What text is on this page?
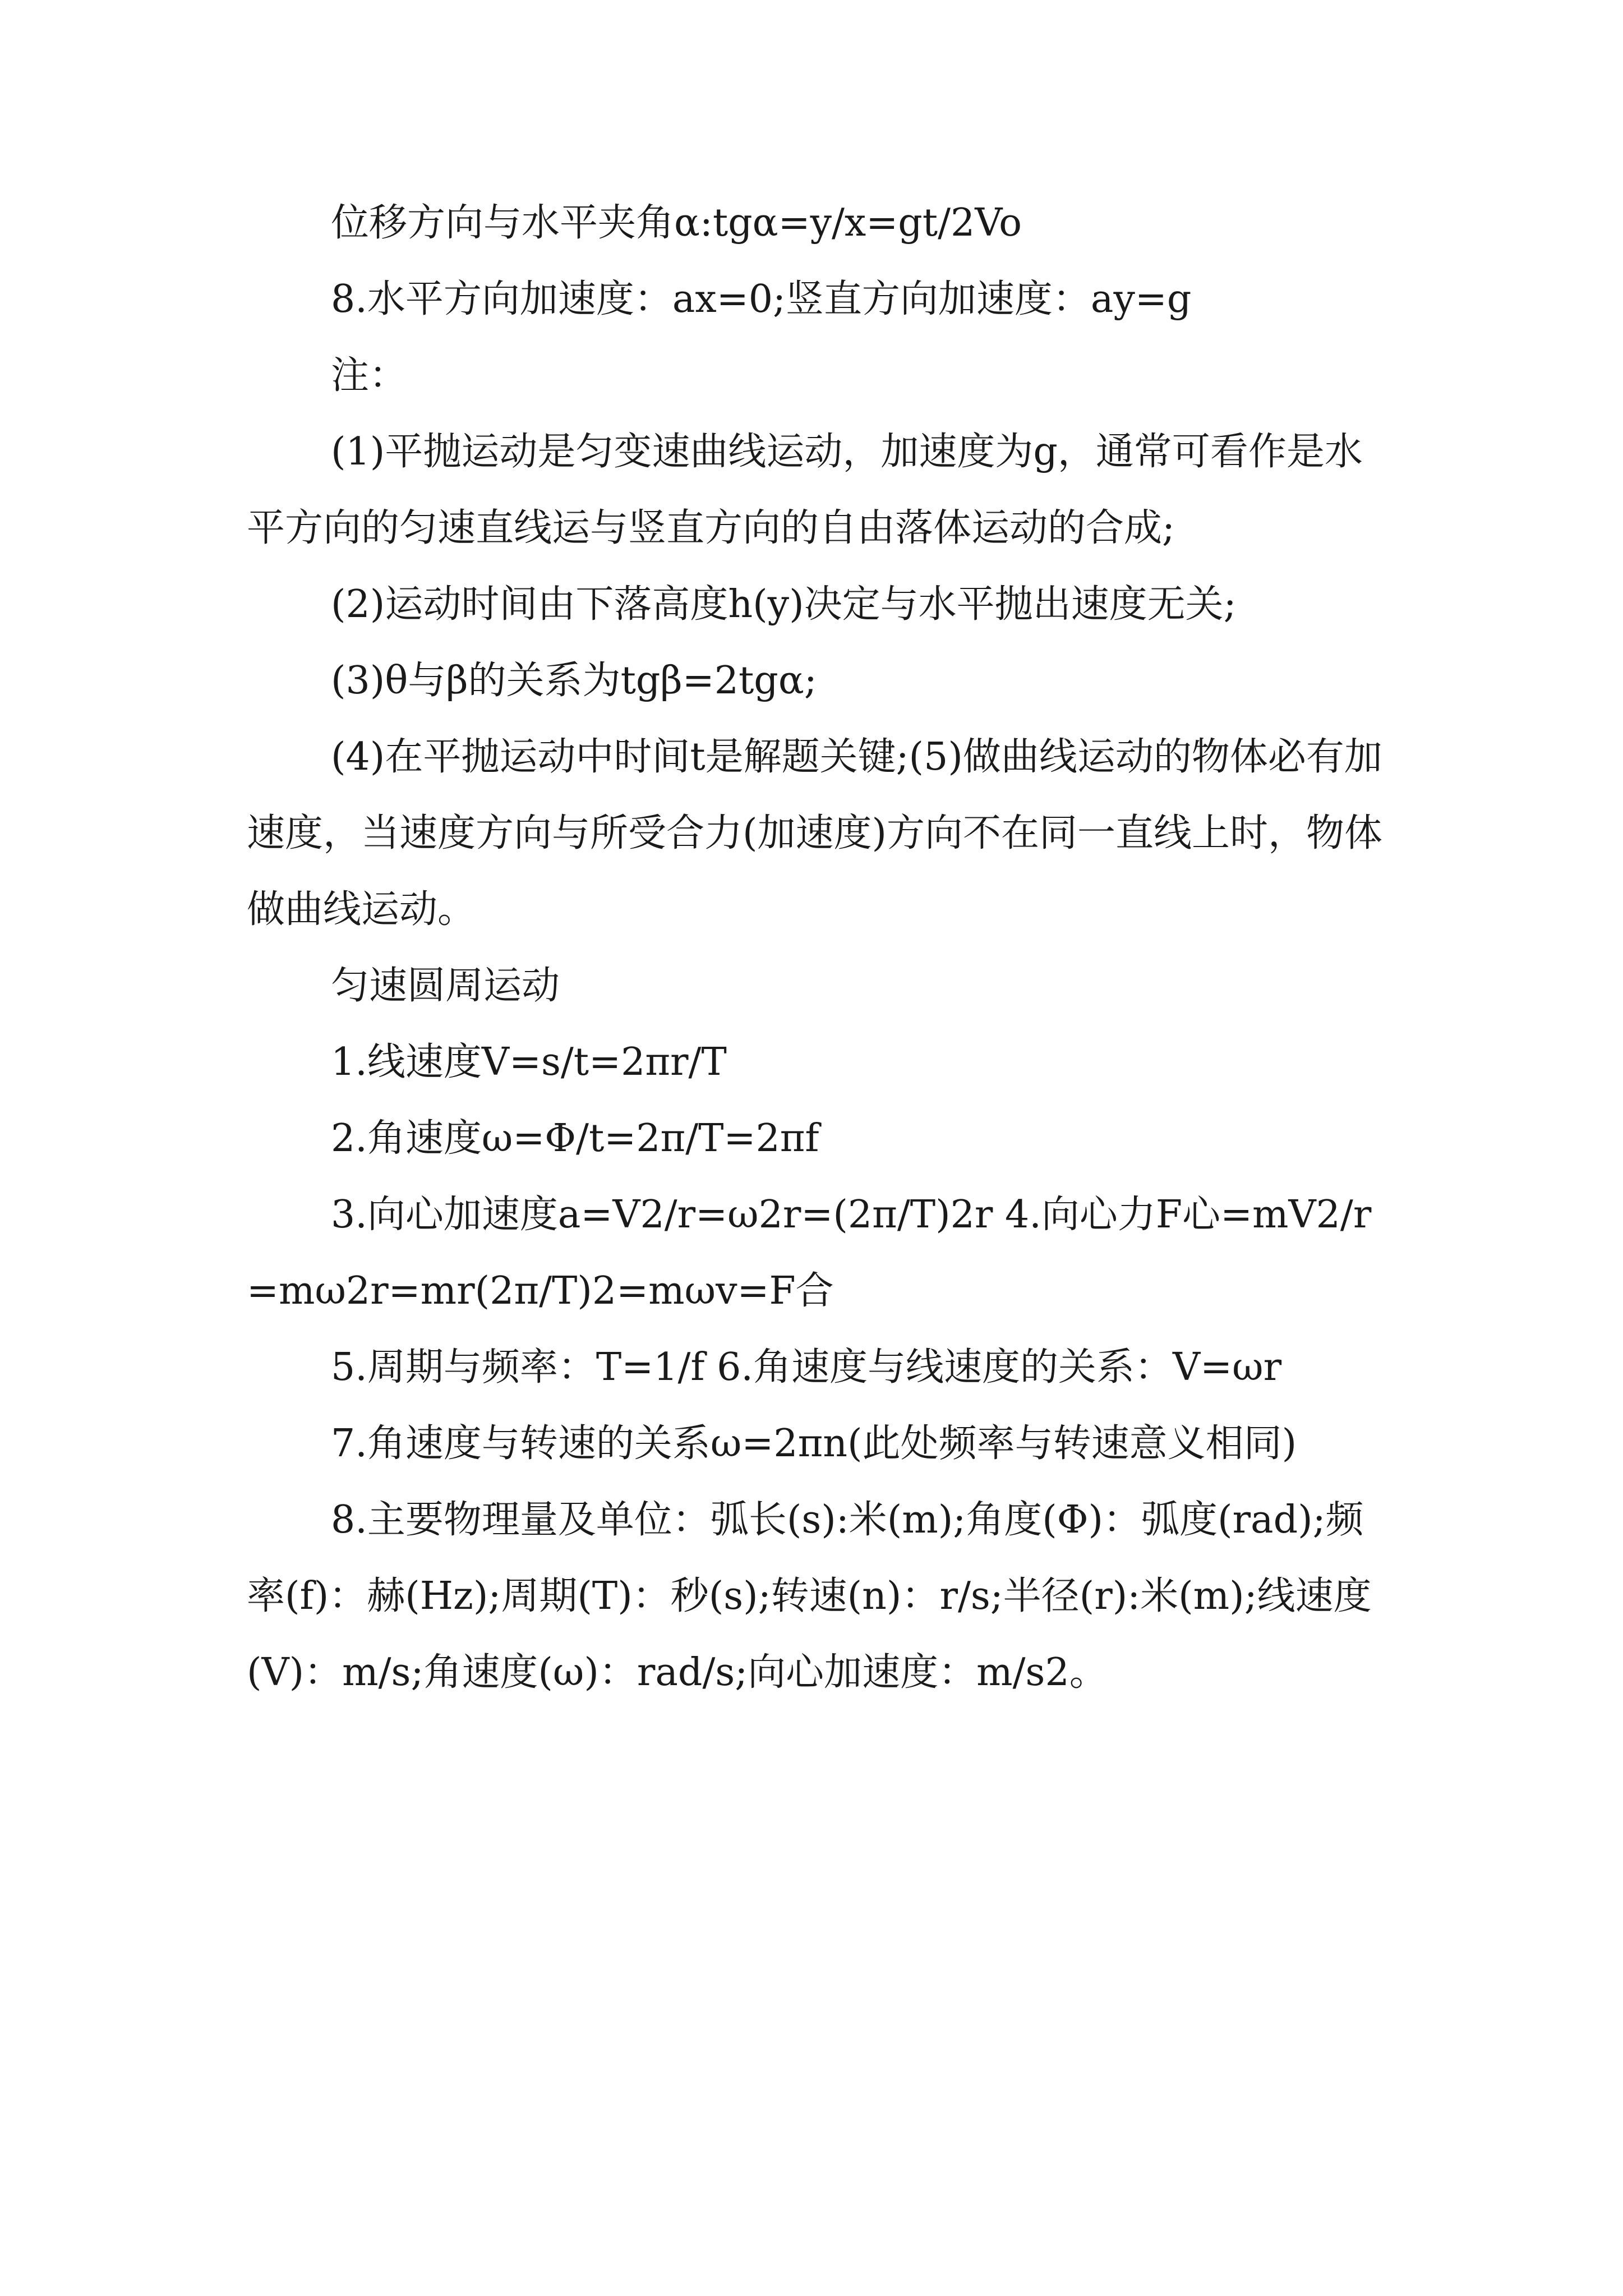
位移方向与水平夹角α:tgα=y/x=gt/2Vo

8.水平方向加速度：ax=0;竖直方向加速度：ay=g

注：

(1)平抛运动是匀变速曲线运动，加速度为g，通常可看作是水平方向的匀速直线运与竖直方向的自由落体运动的合成;

(2)运动时间由下落高度h(y)决定与水平抛出速度无关;

(3)θ与β的关系为tgβ=2tgα;

(4)在平抛运动中时间t是解题关键;(5)做曲线运动的物体必有加速度，当速度方向与所受合力(加速度)方向不在同一直线上时，物体做曲线运动。

匀速圆周运动

1.线速度V=s/t=2πr/T

2.角速度ω=Φ/t=2π/T=2πf

3.向心加速度a=V2/r=ω2r=(2π/T)2r 4.向心力F心=mV2/r=mω2r=mr(2π/T)2=mωv=F合

5.周期与频率：T=1/f 6.角速度与线速度的关系：V=ωr

7.角速度与转速的关系ω=2πn(此处频率与转速意义相同)

8.主要物理量及单位：弧长(s):米(m);角度(Φ)：弧度(rad);频率(f)：赫(Hz);周期(T)：秒(s);转速(n)：r/s;半径(r):米(m);线速度(V)：m/s;角速度(ω)：rad/s;向心加速度：m/s2。
